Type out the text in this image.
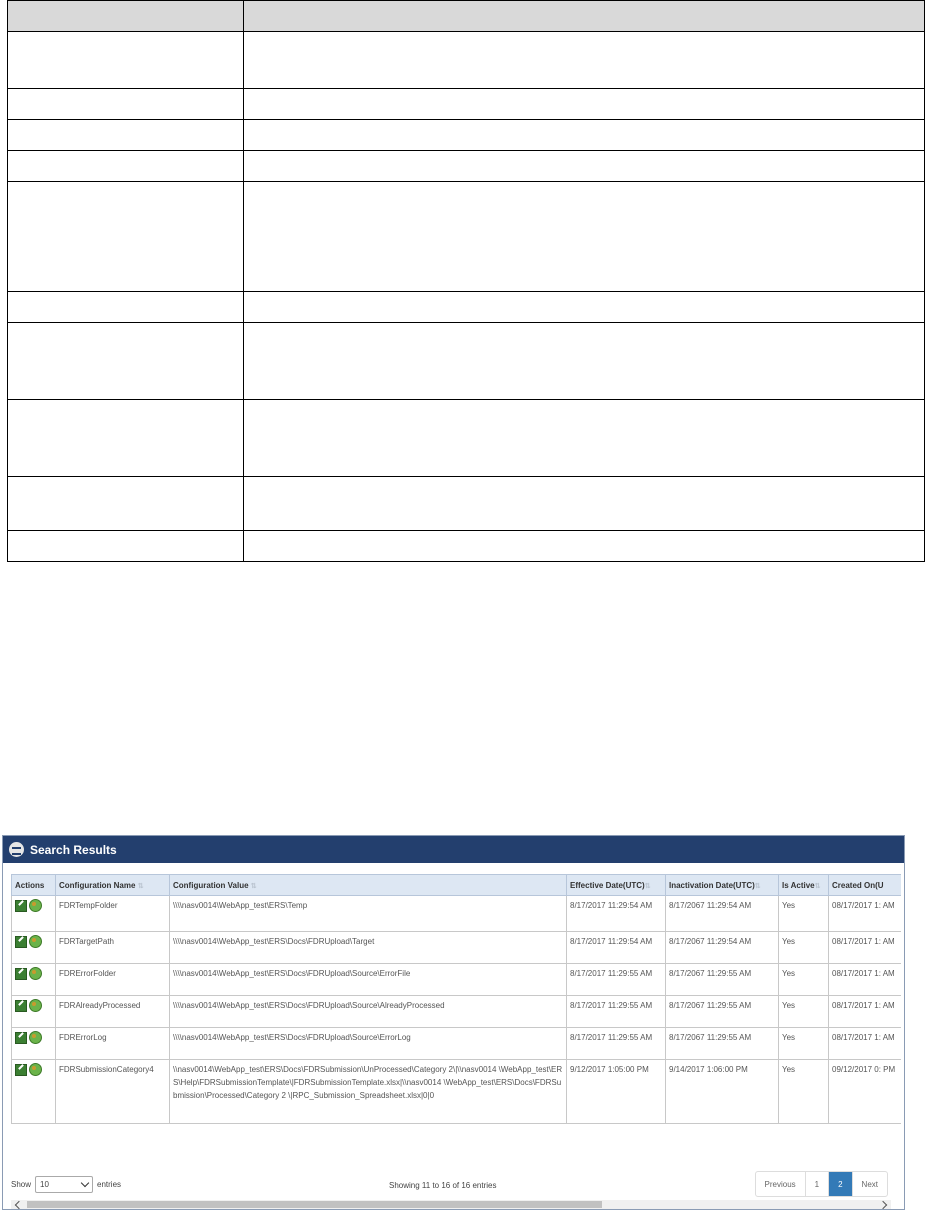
Search Results
Actions	Configuration Name ⇅	Configuration Value ⇅	Effective Date(UTC)⇅	Inactivation Date(UTC)⇅	Is Active⇅	Created On(U
	FDRTempFolder	\\\\nasv0014\WebApp_test\ERS\Temp	8/17/2017 11:29:54 AM	8/17/2067 11:29:54 AM	Yes	08/17/2017 1: AM
	FDRTargetPath	\\\\nasv0014\WebApp_test\ERS\Docs\FDRUpload\Target	8/17/2017 11:29:54 AM	8/17/2067 11:29:54 AM	Yes	08/17/2017 1: AM
	FDRErrorFolder	\\\\nasv0014\WebApp_test\ERS\Docs\FDRUpload\Source\ErrorFile	8/17/2017 11:29:55 AM	8/17/2067 11:29:55 AM	Yes	08/17/2017 1: AM
	FDRAlreadyProcessed	\\\\nasv0014\WebApp_test\ERS\Docs\FDRUpload\Source\AlreadyProcessed	8/17/2017 11:29:55 AM	8/17/2067 11:29:55 AM	Yes	08/17/2017 1: AM
	FDRErrorLog	\\\\nasv0014\WebApp_test\ERS\Docs\FDRUpload\Source\ErrorLog	8/17/2017 11:29:55 AM	8/17/2067 11:29:55 AM	Yes	08/17/2017 1: AM
	FDRSubmissionCategory4	\\nasv0014\WebApp_test\ERS\Docs\FDRSubmission\UnProcessed\Category 2\|\\nasv0014 \WebApp_test\ERS\Help\FDRSubmissionTemplate\|FDRSubmissionTemplate.xlsx|\\nasv0014 \WebApp_test\ERS\Docs\FDRSubmission\Processed\Category 2 \|RPC_Submission_Spreadsheet.xlsx|0|0	9/12/2017 1:05:00 PM	9/14/2017 1:06:00 PM	Yes	09/12/2017 0: PM
Show 10	entries	Showing 11 to 16 of 16 entries	Previous	1	2	Next
